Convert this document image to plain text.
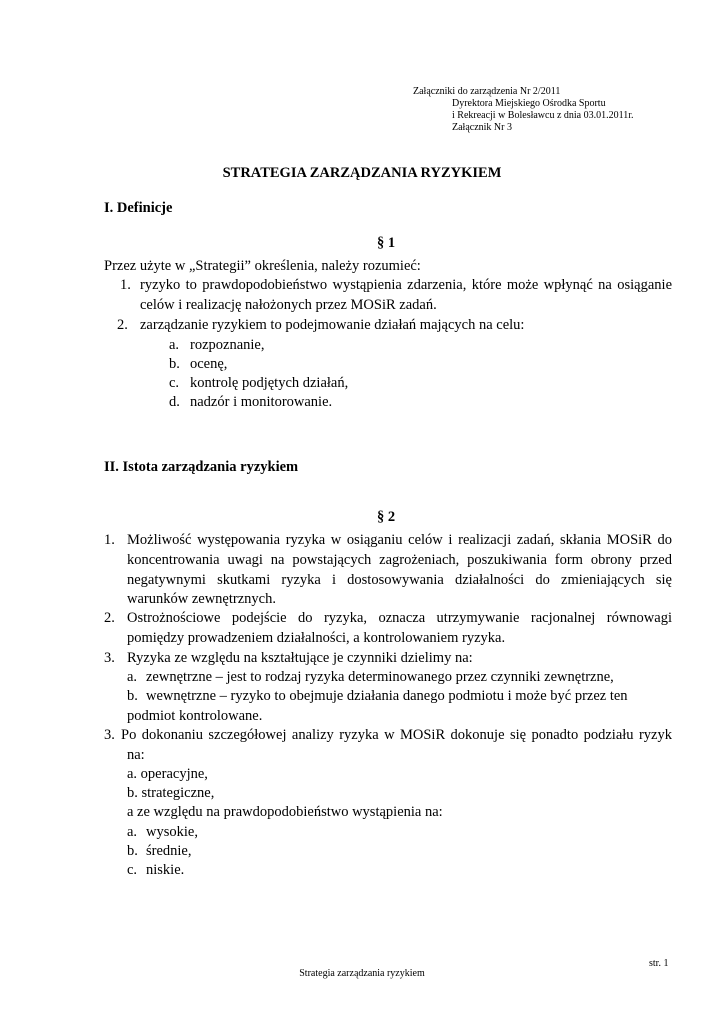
Załączniki do zarządzenia Nr 2/2011
Dyrektora Miejskiego Ośrodka Sportu
i Rekreacji w Bolesławcu z dnia 03.01.2011r.
Załącznik Nr 3
STRATEGIA ZARZĄDZANIA RYZYKIEM
I. Definicje
§ 1
Przez użyte w „Strategii” określenia, należy rozumieć:
1. ryzyko to prawdopodobieństwo wystąpienia zdarzenia, które może wpłynąć na osiąganie
celów i realizację nałożonych przez MOSiR zadań.
2. zarządzanie ryzykiem to podejmowanie działań mających na celu:
a. rozpoznanie,
b. ocenę,
c. kontrolę podjętych działań,
d. nadzór i monitorowanie.
II. Istota zarządzania ryzykiem
§ 2
1. Możliwość występowania ryzyka w osiąganiu celów i realizacji zadań, skłania MOSiR do
koncentrowania uwagi na powstających zagrożeniach, poszukiwania form obrony przed
negatywnymi skutkami ryzyka i dostosowywania działalności do zmieniających się
warunków zewnętrznych.
2. Ostrożnościowe podejście do ryzyka, oznacza utrzymywanie racjonalnej równowagi
pomiędzy prowadzeniem działalności, a kontrolowaniem ryzyka.
3. Ryzyka ze względu na kształtujące je czynniki dzielimy na:
a. zewnętrzne – jest to rodzaj ryzyka determinowanego przez czynniki zewnętrzne,
b. wewnętrzne – ryzyko to obejmuje działania danego podmiotu i może być przez ten
podmiot kontrolowane.
3. Po dokonaniu szczegółowej analizy ryzyka w MOSiR dokonuje się ponadto podziału ryzyk
na:
a. operacyjne,
b. strategiczne,
a ze względu na prawdopodobieństwo wystąpienia na:
a. wysokie,
b. średnie,
c. niskie.
str. 1
Strategia zarządzania ryzykiem
